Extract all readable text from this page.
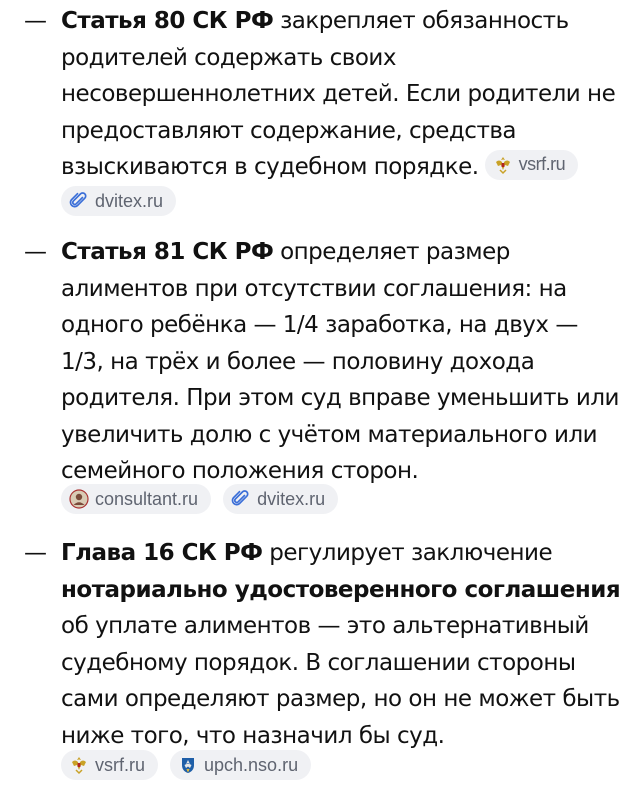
— Статья 80 СК РФ закрепляет обязанность родителей содержать своих несовершеннолетних детей. Если родители не предоставляют содержание, средства взыскиваются в судебном порядке. vsrf.ru
dvitex.ru
— Статья 81 СК РФ определяет размер алиментов при отсутствии соглашения: на одного ребёнка — 1/4 заработка, на двух — 1/3, на трёх и более — половину дохода родителя. При этом суд вправе уменьшить или увеличить долю с учётом материального или семейного положения сторон.
consultant.ru	dvitex.ru
— Глава 16 СК РФ регулирует заключение нотариально удостоверенного соглашения об уплате алиментов — это альтернативный судебному порядок. В соглашении стороны сами определяют размер, но он не может быть ниже того, что назначил бы суд.
vsrf.ru	upch.nso.ru
